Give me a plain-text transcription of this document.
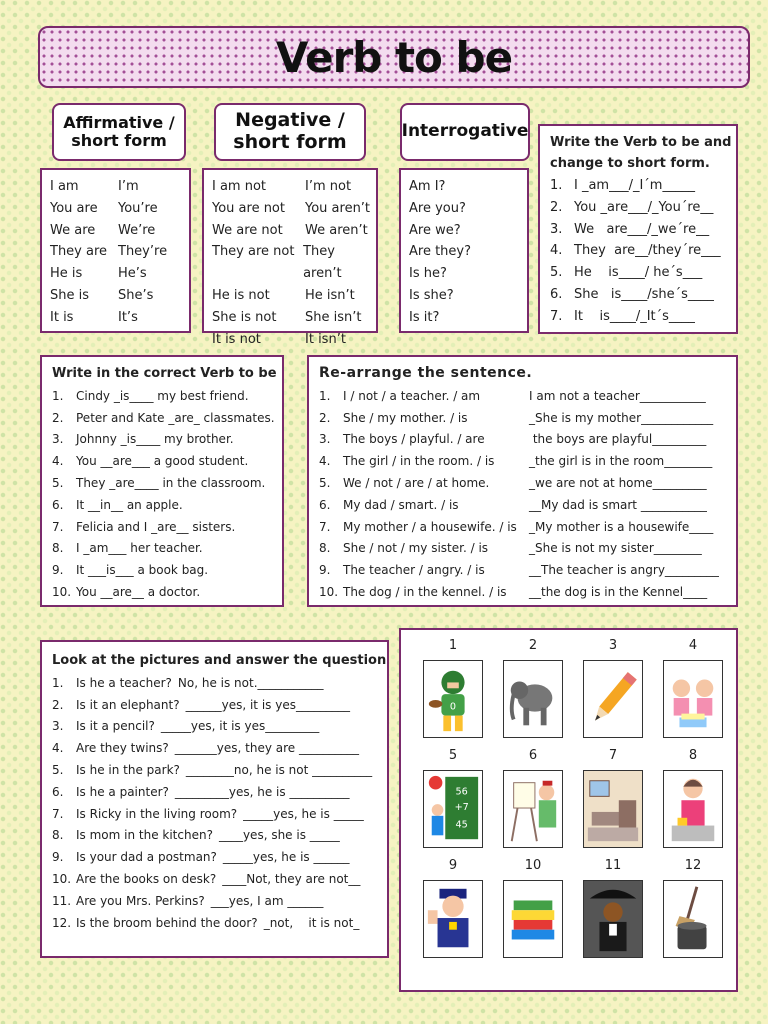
Verb to be
Affirmative /
short form
Negative /
short form	Interrogative
I am	I’m
You are	You’re
We are	We’re
They are They’re
He is	He’s
She is	She’s
It is	It’s
I am not	I’m not
You are not	You aren’t
We are not	We aren’t
They are not They aren’t
He is not	He isn’t
She is not	She isn’t
It is not	It isn’t
Am I?
Are you?
Are we?
Are they?
Is he?
Is she?
Is it?
Write the Verb to be and
change to short form.
1. I _am___/_I´m_____
2. You _are___/_You´re__
3. We   are___/_we´re__
4. They  are__/they´re___
5. He    is____/ he´s___
6. She   is____/she´s____
7. It    is____/_It´s____
Write in the correct Verb to be
1.	Cindy _is____ my best friend.
2.	Peter and Kate _are_ classmates.
3.	Johnny _is____ my brother.
4.	You __are___ a good student.
5.	They _are____ in the classroom.
6.	It __in__ an apple.
7.	Felicia and I _are__ sisters.
8.	I _am___ her teacher.
9.	It ___is___ a book bag.
10. You __are__ a doctor.
Re-arrange the sentence.
1.	I / not / a teacher. / am	I am not a teacher___________
2.	She / my mother. / is	_She is my mother____________
3.	The boys / playful. / are	the boys are playful_________
4.	The girl / in the room. / is	_the girl is in the room________
5.	We / not / are / at home.	_we are not at home_________
6.	My dad / smart. / is	__My dad is smart ___________
7.	My mother / a housewife. / is	_My mother is a housewife____
8.	She / not / my sister. / is	_She is not my sister________
9.	The teacher / angry. / is	__The teacher is angry_________
10. The dog / in the kennel. / is	__the dog is in the Kennel____
Look at the pictures and answer the question
1.	Is he a teacher? No, he is not.___________
2.	Is it an elephant? ______yes, it is yes_________
3.	Is it a pencil? _____yes, it is yes_________
4.	Are they twins? _______yes, they are __________
5.	Is he in the park? ________no, he is not __________
6.	Is he a painter? _________yes, he is __________
7.	Is Ricky in the living room? _____yes, he is _____
8.	Is mom in the kitchen? ____yes, she is _____
9.	Is your dad a postman? _____yes, he is ______
10. Are the books on desk? ____Not, they are not__
11. Are you Mrs. Perkins? ___yes, I am ______
12. Is the broom behind the door? _not,    it is not_
1
0
2	3	4
5
56
+7
45
6	7	8
9	10	11	12
